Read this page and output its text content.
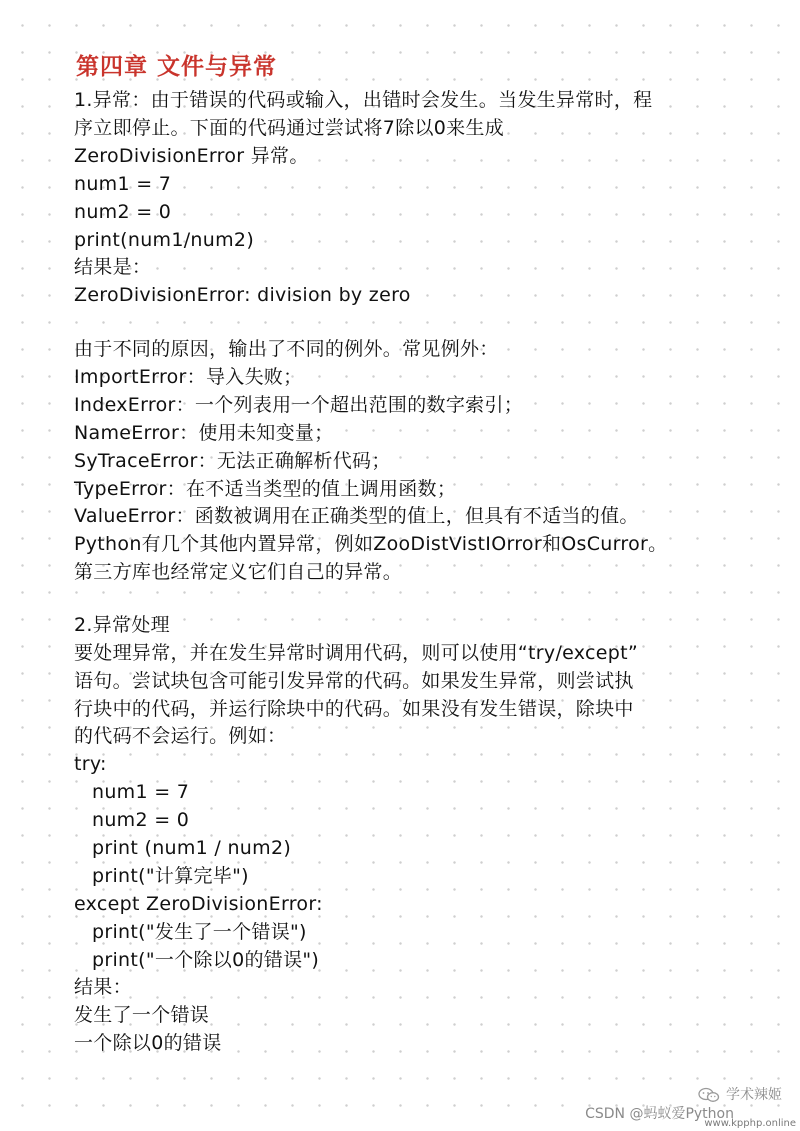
第四章 文件与异常
1.异常：由于错误的代码或输入，出错时会发生。当发生异常时，程
序立即停止。下面的代码通过尝试将7除以0来生成
ZeroDivisionError 异常。
num1 = 7
num2 = 0
print(num1/num2)
结果是：
ZeroDivisionError: division by zero
由于不同的原因，输出了不同的例外。常见例外：
ImportError：导入失败；
IndexError：一个列表用一个超出范围的数字索引；
NameError：使用未知变量；
SyTraceError：无法正确解析代码；
TypeError：在不适当类型的值上调用函数；
ValueError：函数被调用在正确类型的值上，但具有不适当的值。
Python有几个其他内置异常，例如ZooDistVistIOrror和OsCurror。
第三方库也经常定义它们自己的异常。
2.异常处理
要处理异常，并在发生异常时调用代码，则可以使用“try/except”
语句。尝试块包含可能引发异常的代码。如果发生异常，则尝试执
行块中的代码，并运行除块中的代码。如果没有发生错误，除块中
的代码不会运行。例如：
try:
num1 = 7
num2 = 0
print (num1 / num2)
print("计算完毕")
except ZeroDivisionError:
print("发生了一个错误")
print("一个除以0的错误")
结果：
发生了一个错误
一个除以0的错误
学术辣姬
CSDN @蚂蚁爱Python
www.kpphp.online
